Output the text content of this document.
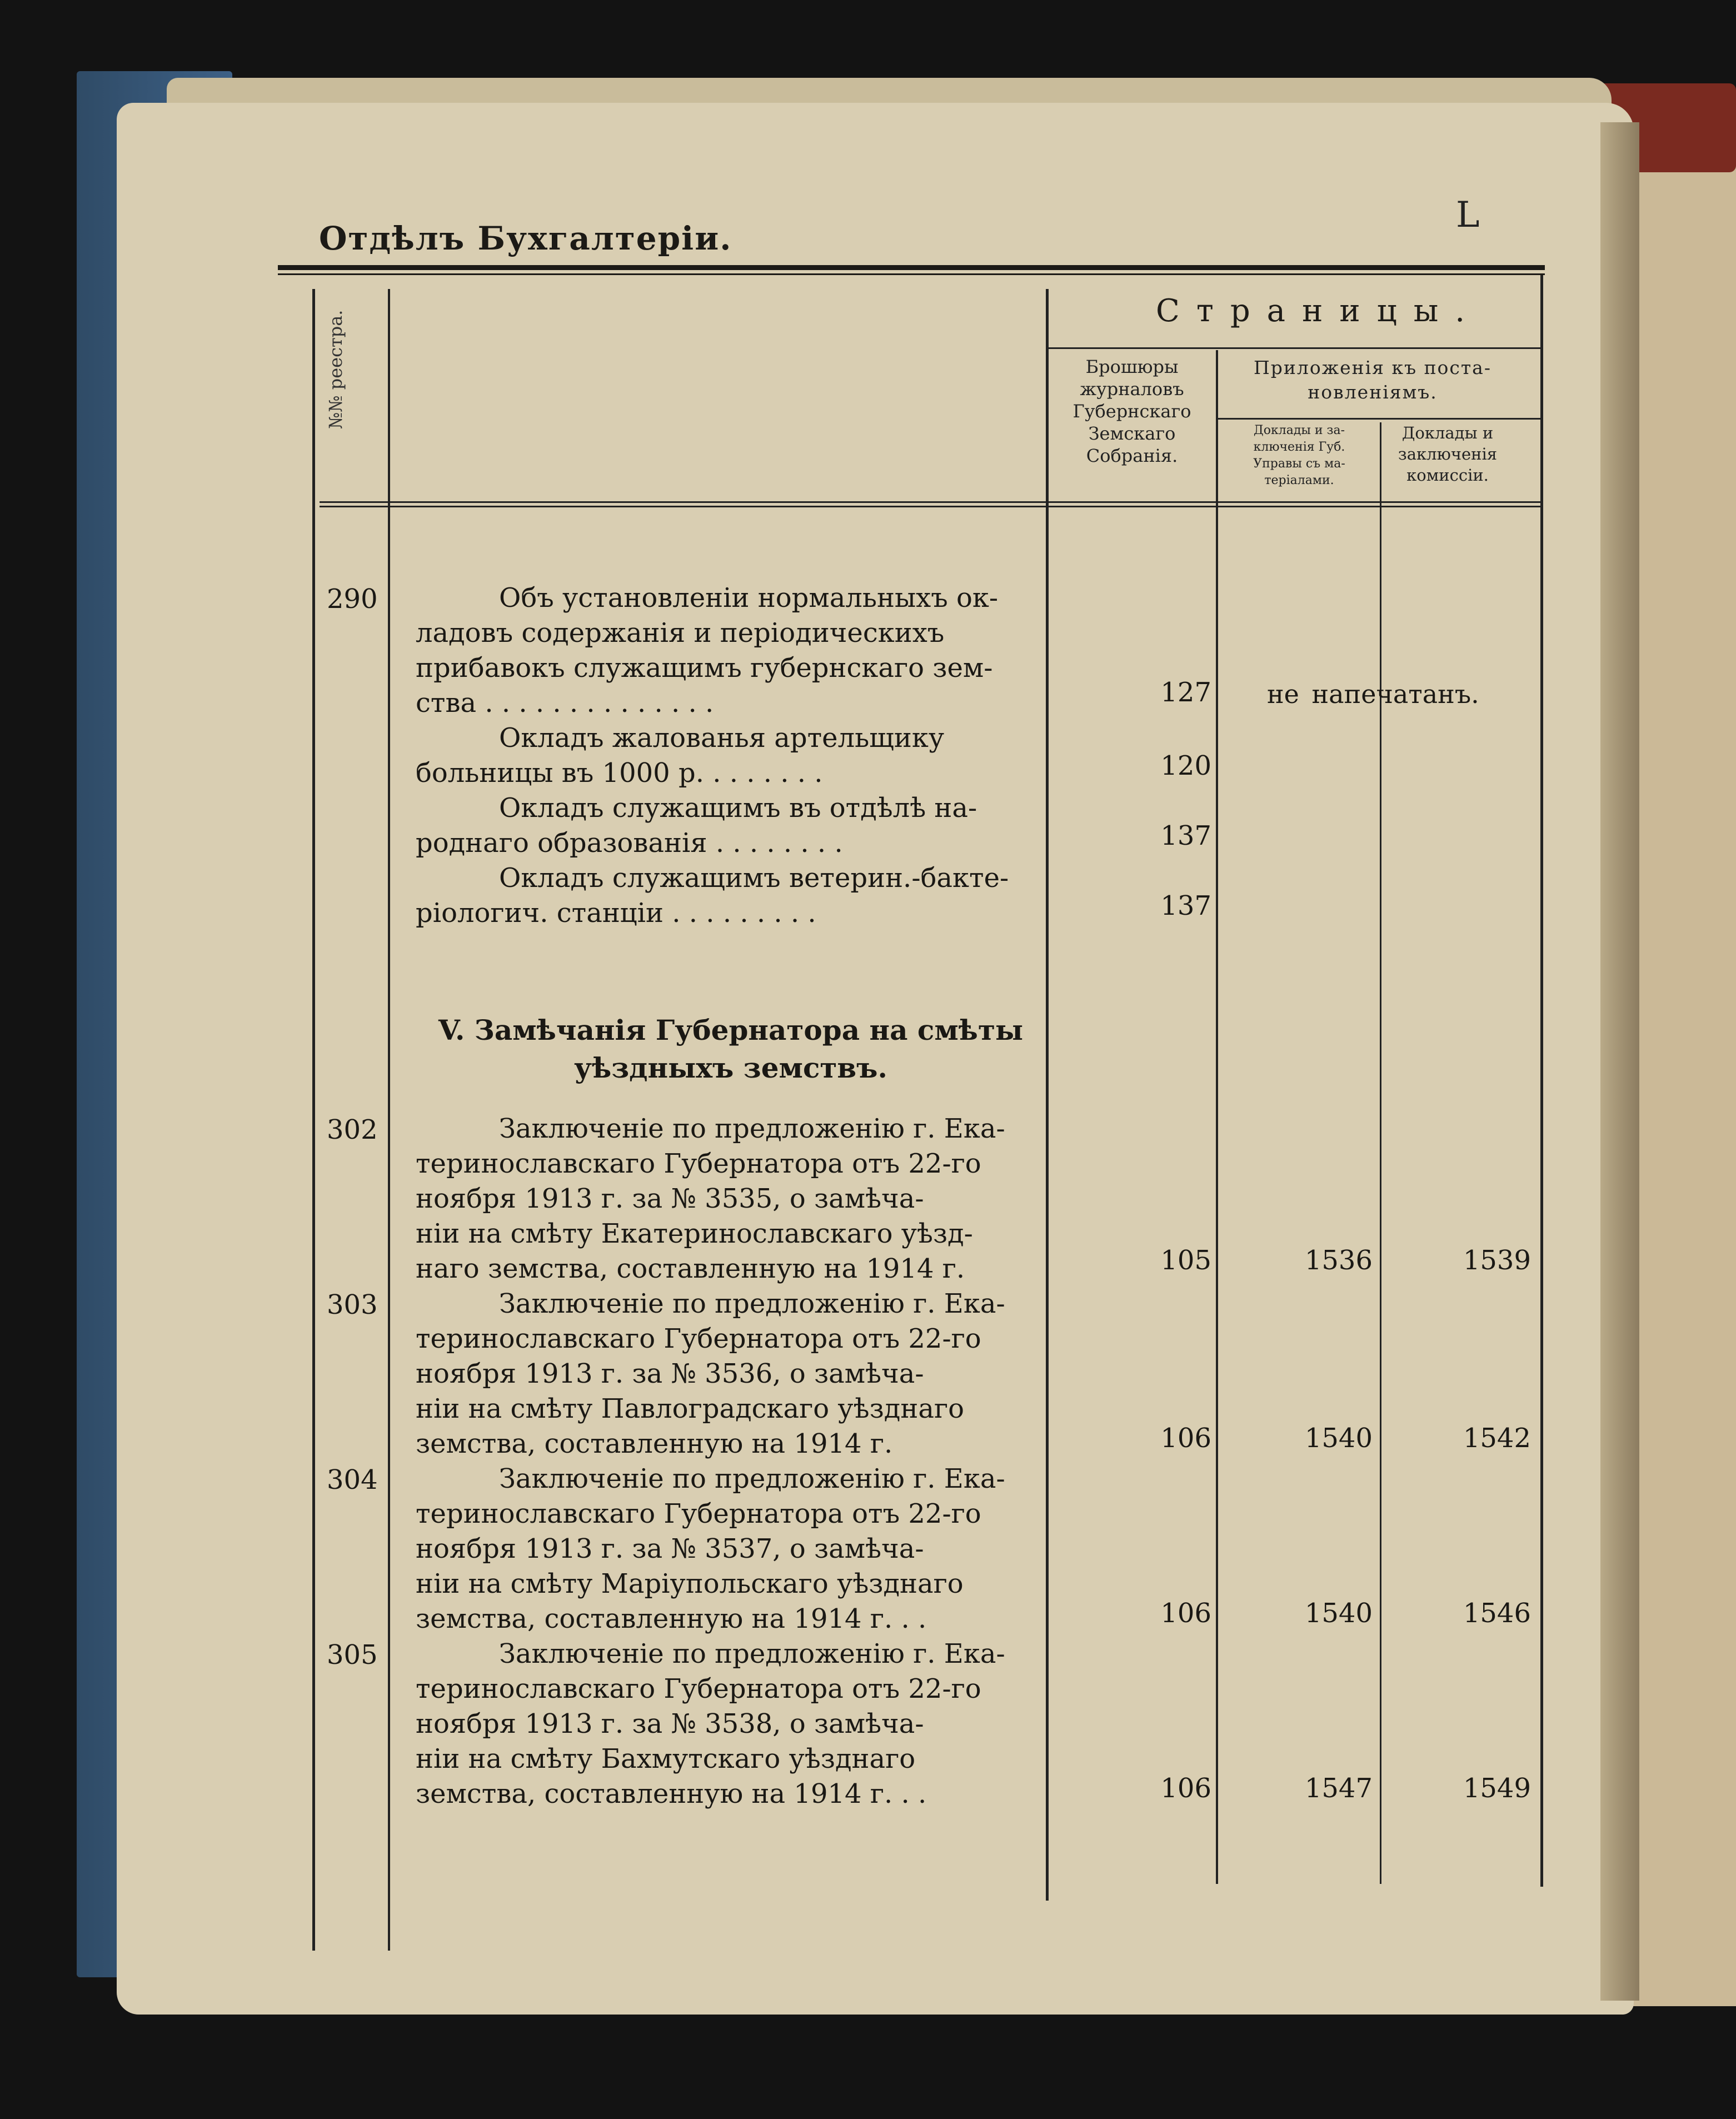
Отдѣлъ Бухгалтеріи.
L
Страницы.
№№ реестра.	Брошюры
журналовъ
Губернскаго
Земскаго
Собранія.
Приложенія къ поста-
новленіямъ.
Доклады и за-
ключенія Губ.
Управы съ ма-
теріалами.
Доклады и
заключенія
комиссіи.
290	Объ установленіи нормальныхъ ок-
ладовъ содержанія и періодическихъ
прибавокъ служащимъ губернскаго зем-
ства . . . . . . . . . . . . . .	127 не напечатанъ.
Окладъ жалованья артельщику
больницы въ 1000 р. . . . . . . .	120
Окладъ служащимъ въ отдѣлѣ на-
роднаго образованія . . . . . . . .	137
Окладъ служащимъ ветерин.-бакте-
ріологич. станціи . . . . . . . . .	137
V. Замѣчанія Губернатора на смѣты
уѣздныхъ земствъ.
302	Заключеніе по предложенію г. Ека-
теринославскаго Губернатора отъ 22-го
ноября 1913 г. за № 3535, о замѣча-
ніи на смѣту Екатеринославскаго уѣзд-
наго земства, составленную на 1914 г.	105	1536	1539
303	Заключеніе по предложенію г. Ека-
теринославскаго Губернатора отъ 22-го
ноября 1913 г. за № 3536, о замѣча-
ніи на смѣту Павлоградскаго уѣзднаго
земства, составленную на 1914 г.	106	1540	1542
304	Заключеніе по предложенію г. Ека-
теринославскаго Губернатора отъ 22-го
ноября 1913 г. за № 3537, о замѣча-
ніи на смѣту Маріупольскаго уѣзднаго
земства, составленную на 1914 г. . .	106	1540	1546
305	Заключеніе по предложенію г. Ека-
теринославскаго Губернатора отъ 22-го
ноября 1913 г. за № 3538, о замѣча-
ніи на смѣту Бахмутскаго уѣзднаго
земства, составленную на 1914 г. . .	106	1547	1549
